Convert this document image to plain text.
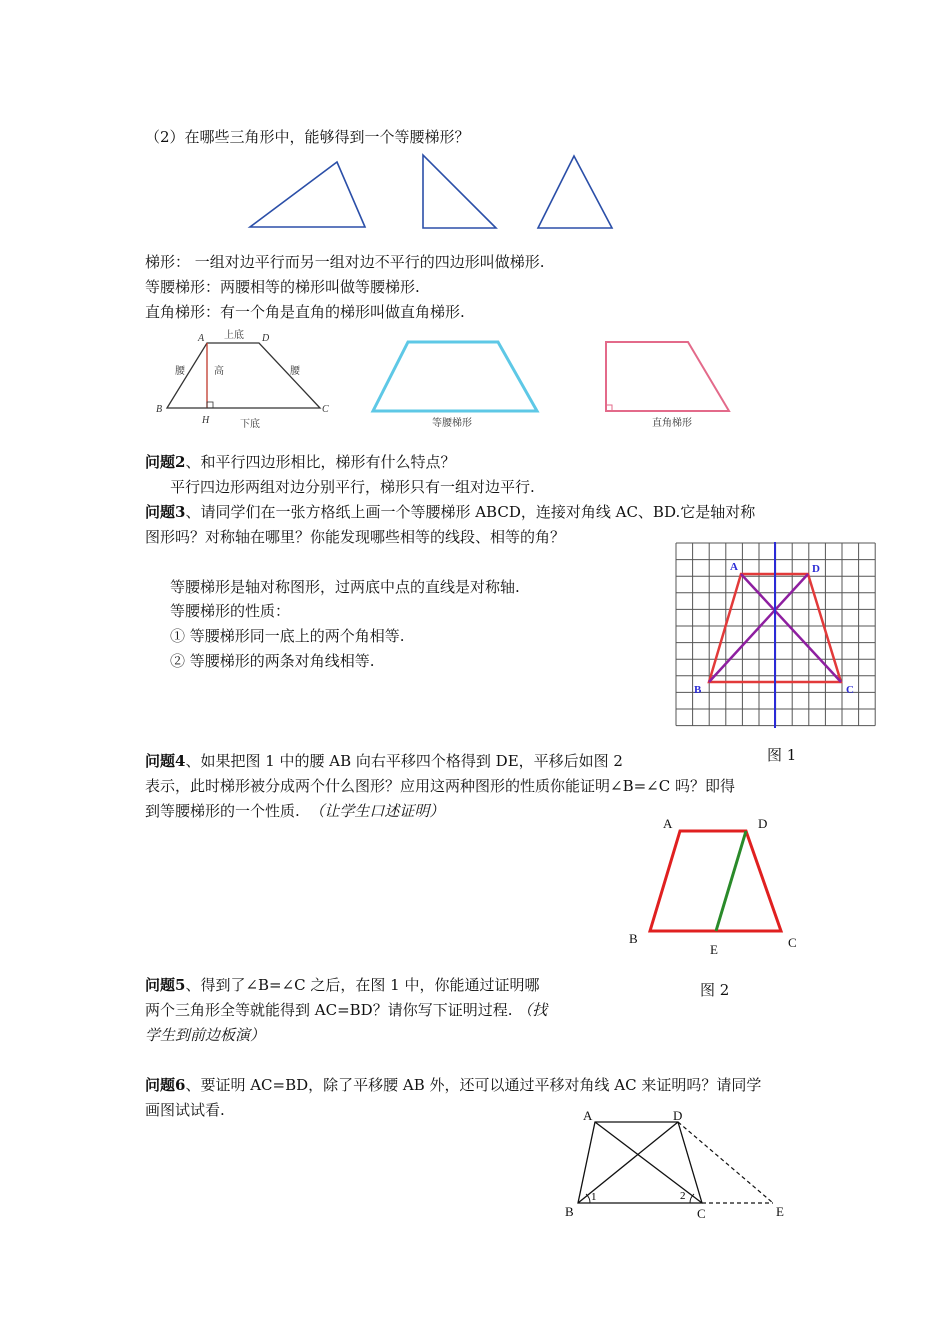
（2）在哪些三角形中，能够得到一个等腰梯形？
梯形： 一组对边平行而另一组对边不平行的四边形叫做梯形.
等腰梯形：两腰相等的梯形叫做等腰梯形.
直角梯形：有一个角是直角的梯形叫做直角梯形.
A	D
B	C
H
上底
下底
腰	腰
高
等腰梯形	直角梯形
问题2、和平行四边形相比，梯形有什么特点？
平行四边形两组对边分别平行，梯形只有一组对边平行.
问题3、请同学们在一张方格纸上画一个等腰梯形 ABCD，连接对角线 AC、BD.它是轴对称
图形吗？对称轴在哪里？你能发现哪些相等的线段、相等的角？
等腰梯形是轴对称图形，过两底中点的直线是对称轴.
等腰梯形的性质：
① 等腰梯形同一底上的两个角相等.
② 等腰梯形的两条对角线相等.
A	D
B	C
图 1
问题4、如果把图 1 中的腰 AB 向右平移四个格得到 DE，平移后如图 2
表示，此时梯形被分成两个什么图形？应用这两种图形的性质你能证明∠B=∠C 吗？即得
到等腰梯形的一个性质. （让学生口述证明）
A	D
B
E	C
问题5、得到了∠B=∠C 之后，在图 1 中，你能通过证明哪
两个三角形全等就能得到 AC=BD？请你写下证明过程. （找
学生到前边板演）
图 2
问题6、要证明 AC=BD，除了平移腰 AB 外，还可以通过平移对角线 AC 来证明吗？请同学
画图试试看.	A	D
B	C	E
1	2
